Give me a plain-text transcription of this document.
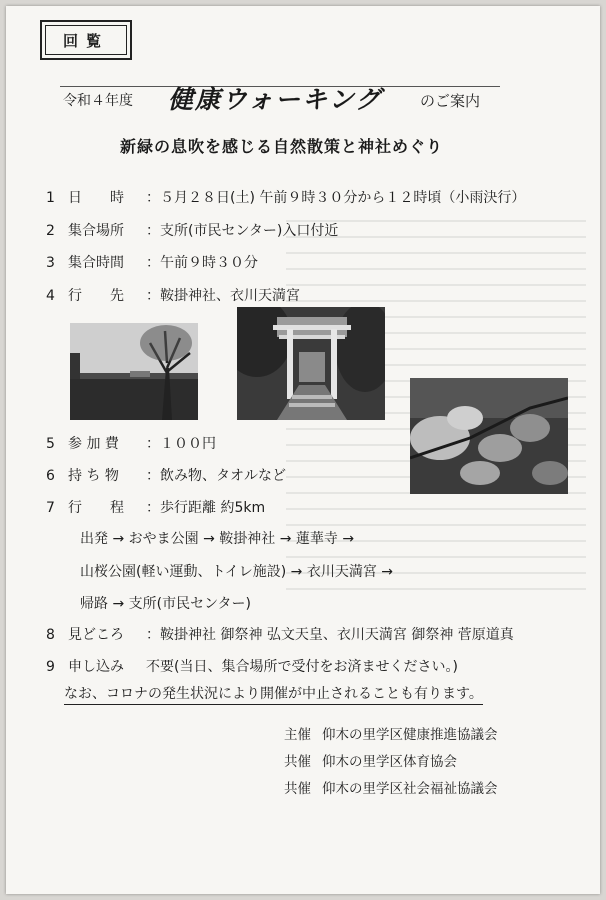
回覧
令和４年度 健康ウォーキング	のご案内
新緑の息吹を感じる自然散策と神社めぐり
1 日　　時 ：５月２８日(土) 午前９時３０分から１２時頃（小雨決行）
2 集合場所 ：支所(市民センター)入口付近
3 集合時間 ：午前９時３０分
4 行　　先 ：鞍掛神社、衣川天満宮
5 参 加 費 ：１００円
6 持 ち 物 ：飲み物、タオルなど
7 行　　程 ：歩行距離 約5km
出発 → おやま公園 → 鞍掛神社 → 蓮華寺 →
山桜公園(軽い運動、トイレ施設) → 衣川天満宮 →
帰路 → 支所(市民センター)
8 見どころ ：鞍掛神社 御祭神 弘文天皇、衣川天満宮 御祭神 菅原道真
9 申し込み 不要(当日、集合場所で受付をお済ませください。)
なお、コロナの発生状況により開催が中止されることも有ります。
主催 仰木の里学区健康推進協議会
共催 仰木の里学区体育協会
共催 仰木の里学区社会福祉協議会
